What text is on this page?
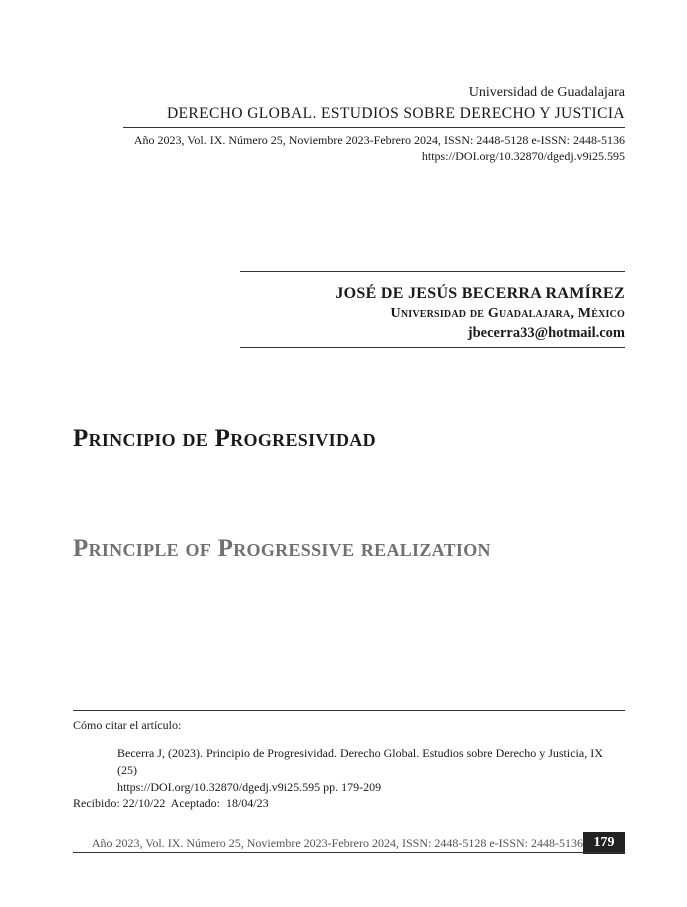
Universidad de Guadalajara
DERECHO GLOBAL. ESTUDIOS SOBRE DERECHO Y JUSTICIA
Año 2023, Vol. IX. Número 25, Noviembre 2023-Febrero 2024, ISSN: 2448-5128 e-ISSN: 2448-5136
https://DOI.org/10.32870/dgedj.v9i25.595
JOSÉ DE JESÚS BECERRA RAMÍREZ
Universidad de Guadalajara, México
jbecerra33@hotmail.com
Principio de Progresividad
Principle of Progressive realization
Cómo citar el artículo:
Becerra J, (2023). Principio de Progresividad. Derecho Global. Estudios sobre Derecho y Justicia, IX (25)
https://DOI.org/10.32870/dgedj.v9i25.595 pp. 179-209
Recibido: 22/10/22  Aceptado:  18/04/23
Año 2023, Vol. IX. Número 25, Noviembre 2023-Febrero 2024, ISSN: 2448-5128 e-ISSN: 2448-5136 179
